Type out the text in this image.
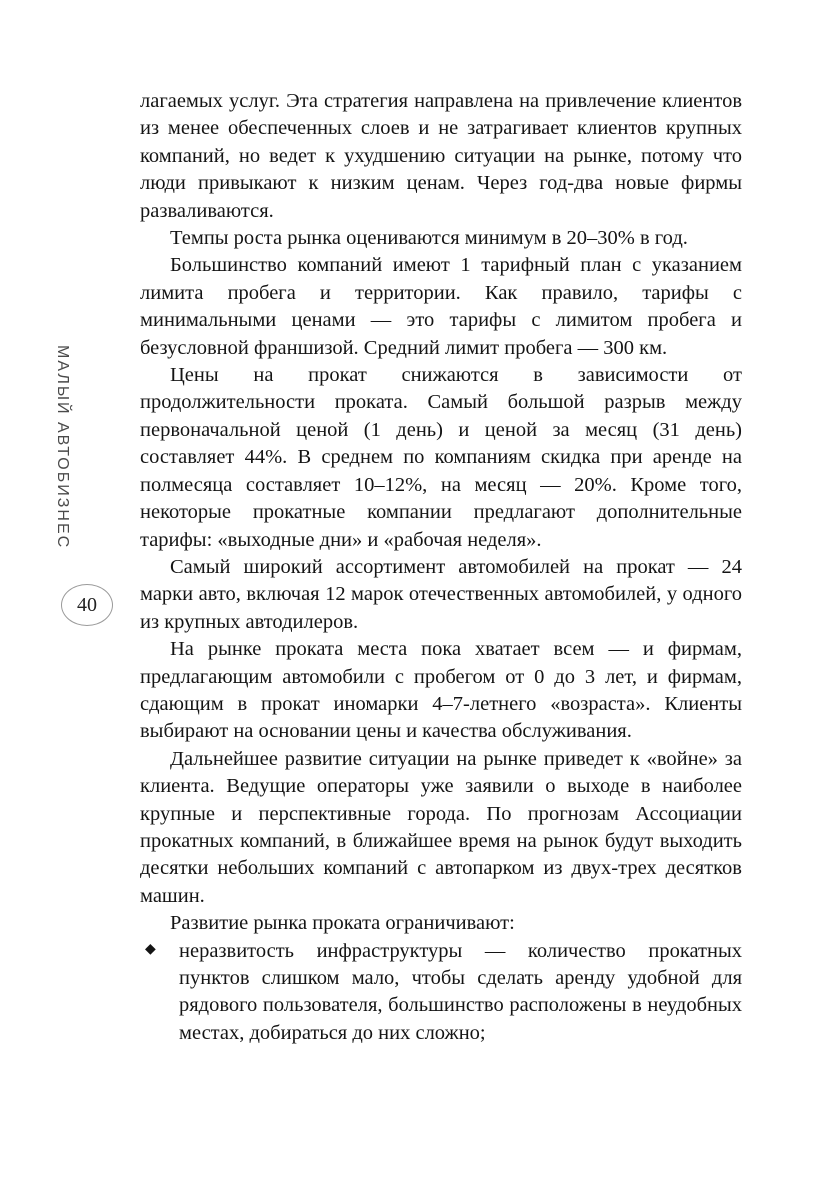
МАЛЫЙ АВТОБИЗНЕС
40

лагаемых услуг. Эта стратегия направлена на привлечение клиентов из менее обеспеченных слоев и не затрагивает клиентов крупных компаний, но ведет к ухудшению ситуации на рынке, потому что люди привыкают к низким ценам. Через год-два новые фирмы разваливаются.

Темпы роста рынка оцениваются минимум в 20–30% в год.

Большинство компаний имеют 1 тарифный план с указанием лимита пробега и территории. Как правило, тарифы с минимальными ценами — это тарифы с лимитом пробега и безусловной франшизой. Средний лимит пробега — 300 км.

Цены на прокат снижаются в зависимости от продолжительности проката. Самый большой разрыв между первоначальной ценой (1 день) и ценой за месяц (31 день) составляет 44%. В среднем по компаниям скидка при аренде на полмесяца составляет 10–12%, на месяц — 20%. Кроме того, некоторые прокатные компании предлагают дополнительные тарифы: «выходные дни» и «рабочая неделя».

Самый широкий ассортимент автомобилей на прокат — 24 марки авто, включая 12 марок отечественных автомобилей, у одного из крупных автодилеров.

На рынке проката места пока хватает всем — и фирмам, предлагающим автомобили с пробегом от 0 до 3 лет, и фирмам, сдающим в прокат иномарки 4–7-летнего «возраста». Клиенты выбирают на основании цены и качества обслуживания.

Дальнейшее развитие ситуации на рынке приведет к «войне» за клиента. Ведущие операторы уже заявили о выходе в наиболее крупные и перспективные города. По прогнозам Ассоциации прокатных компаний, в ближайшее время на рынок будут выходить десятки небольших компаний с автопарком из двух-трех десятков машин.

Развитие рынка проката ограничивают:

◆ неразвитость инфраструктуры — количество прокатных пунктов слишком мало, чтобы сделать аренду удобной для рядового пользователя, большинство расположены в неудобных местах, добираться до них сложно;
